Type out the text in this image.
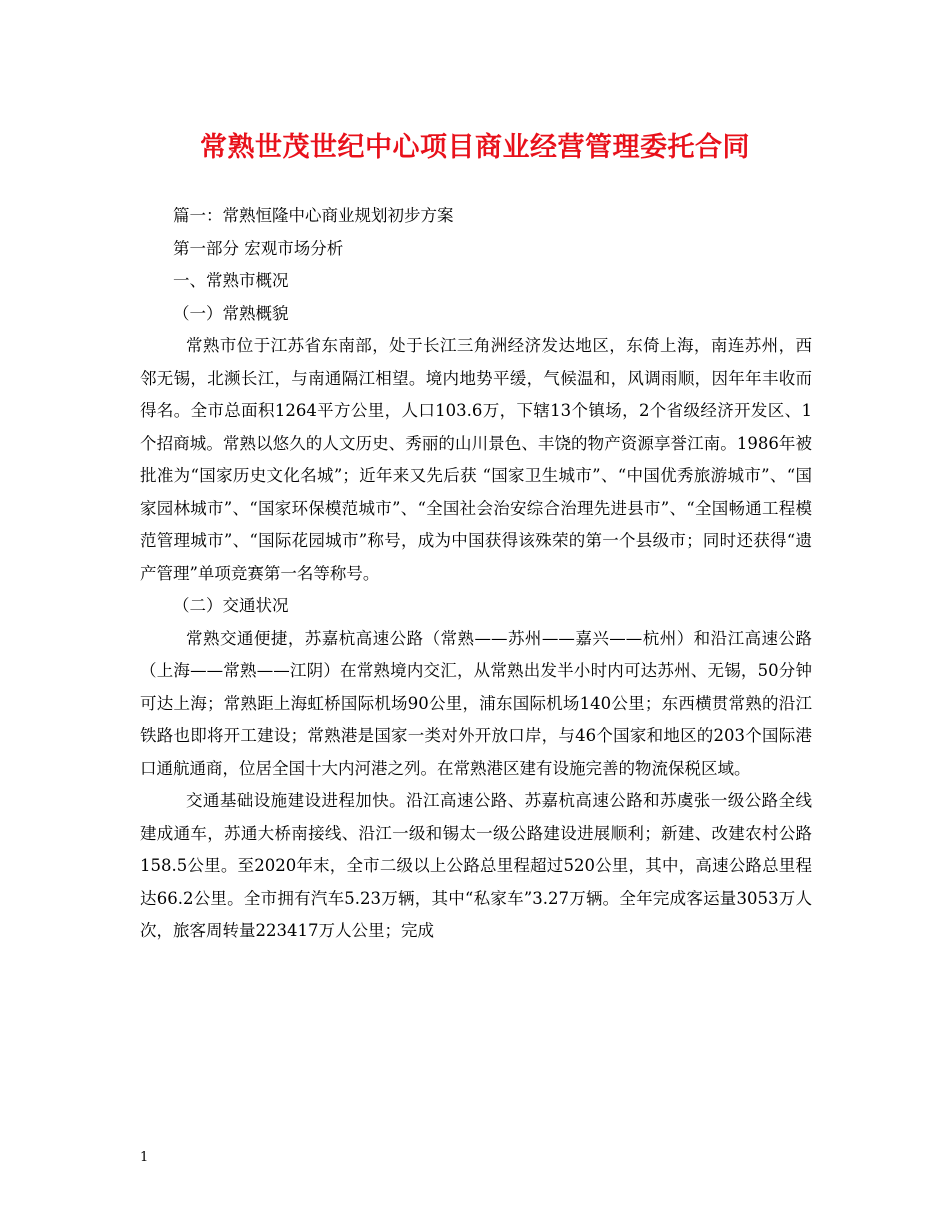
常熟世茂世纪中心项目商业经营管理委托合同

篇一：常熟恒隆中心商业规划初步方案

第一部分 宏观市场分析

一、常熟市概况

（一）常熟概貌

常熟市位于江苏省东南部，处于长江三角洲经济发达地区，东倚上海，南连苏州，西邻无锡，北濒长江，与南通隔江相望。境内地势平缓，气候温和，风调雨顺，因年年丰收而得名。全市总面积1264平方公里，人口103.6万，下辖13个镇场，2个省级经济开发区、1个招商城。常熟以悠久的人文历史、秀丽的山川景色、丰饶的物产资源享誉江南。1986年被批准为“国家历史文化名城”；近年来又先后获 “国家卫生城市”、“中国优秀旅游城市”、“国家园林城市”、“国家环保模范城市”、“全国社会治安综合治理先进县市”、“全国畅通工程模范管理城市”、“国际花园城市”称号，成为中国获得该殊荣的第一个县级市；同时还获得“遗产管理”单项竞赛第一名等称号。

（二）交通状况

常熟交通便捷，苏嘉杭高速公路（常熟——苏州——嘉兴——杭州）和沿江高速公路（上海——常熟——江阴）在常熟境内交汇，从常熟出发半小时内可达苏州、无锡，50分钟可达上海；常熟距上海虹桥国际机场90公里，浦东国际机场140公里；东西横贯常熟的沿江铁路也即将开工建设；常熟港是国家一类对外开放口岸，与46个国家和地区的203个国际港口通航通商，位居全国十大内河港之列。在常熟港区建有设施完善的物流保税区域。

交通基础设施建设进程加快。沿江高速公路、苏嘉杭高速公路和苏虞张一级公路全线建成通车，苏通大桥南接线、沿江一级和锡太一级公路建设进展顺利；新建、改建农村公路158.5公里。至2020年末，全市二级以上公路总里程超过520公里，其中，高速公路总里程达66.2公里。全市拥有汽车5.23万辆，其中“私家车”3.27万辆。全年完成客运量3053万人次，旅客周转量223417万人公里；完成

1
